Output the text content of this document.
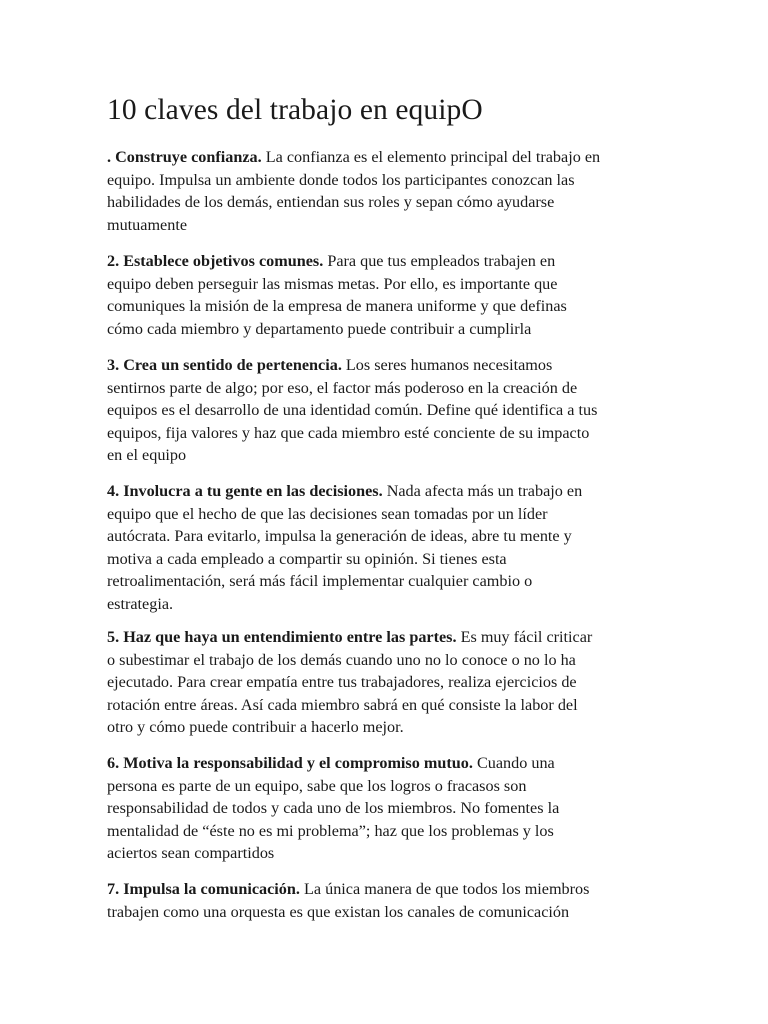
10 claves del trabajo en equipO

. Construye confianza. La confianza es el elemento principal del trabajo en
equipo. Impulsa un ambiente donde todos los participantes conozcan las
habilidades de los demás, entiendan sus roles y sepan cómo ayudarse
mutuamente

2. Establece objetivos comunes. Para que tus empleados trabajen en
equipo deben perseguir las mismas metas. Por ello, es importante que
comuniques la misión de la empresa de manera uniforme y que definas
cómo cada miembro y departamento puede contribuir a cumplirla

3. Crea un sentido de pertenencia. Los seres humanos necesitamos
sentirnos parte de algo; por eso, el factor más poderoso en la creación de
equipos es el desarrollo de una identidad común. Define qué identifica a tus
equipos, fija valores y haz que cada miembro esté conciente de su impacto
en el equipo

4. Involucra a tu gente en las decisiones. Nada afecta más un trabajo en
equipo que el hecho de que las decisiones sean tomadas por un líder
autócrata. Para evitarlo, impulsa la generación de ideas, abre tu mente y
motiva a cada empleado a compartir su opinión. Si tienes esta
retroalimentación, será más fácil implementar cualquier cambio o
estrategia.

5. Haz que haya un entendimiento entre las partes. Es muy fácil criticar
o subestimar el trabajo de los demás cuando uno no lo conoce o no lo ha
ejecutado. Para crear empatía entre tus trabajadores, realiza ejercicios de
rotación entre áreas. Así cada miembro sabrá en qué consiste la labor del
otro y cómo puede contribuir a hacerlo mejor.

6. Motiva la responsabilidad y el compromiso mutuo. Cuando una
persona es parte de un equipo, sabe que los logros o fracasos son
responsabilidad de todos y cada uno de los miembros. No fomentes la
mentalidad de “éste no es mi problema”; haz que los problemas y los
aciertos sean compartidos

7. Impulsa la comunicación. La única manera de que todos los miembros
trabajen como una orquesta es que existan los canales de comunicación
